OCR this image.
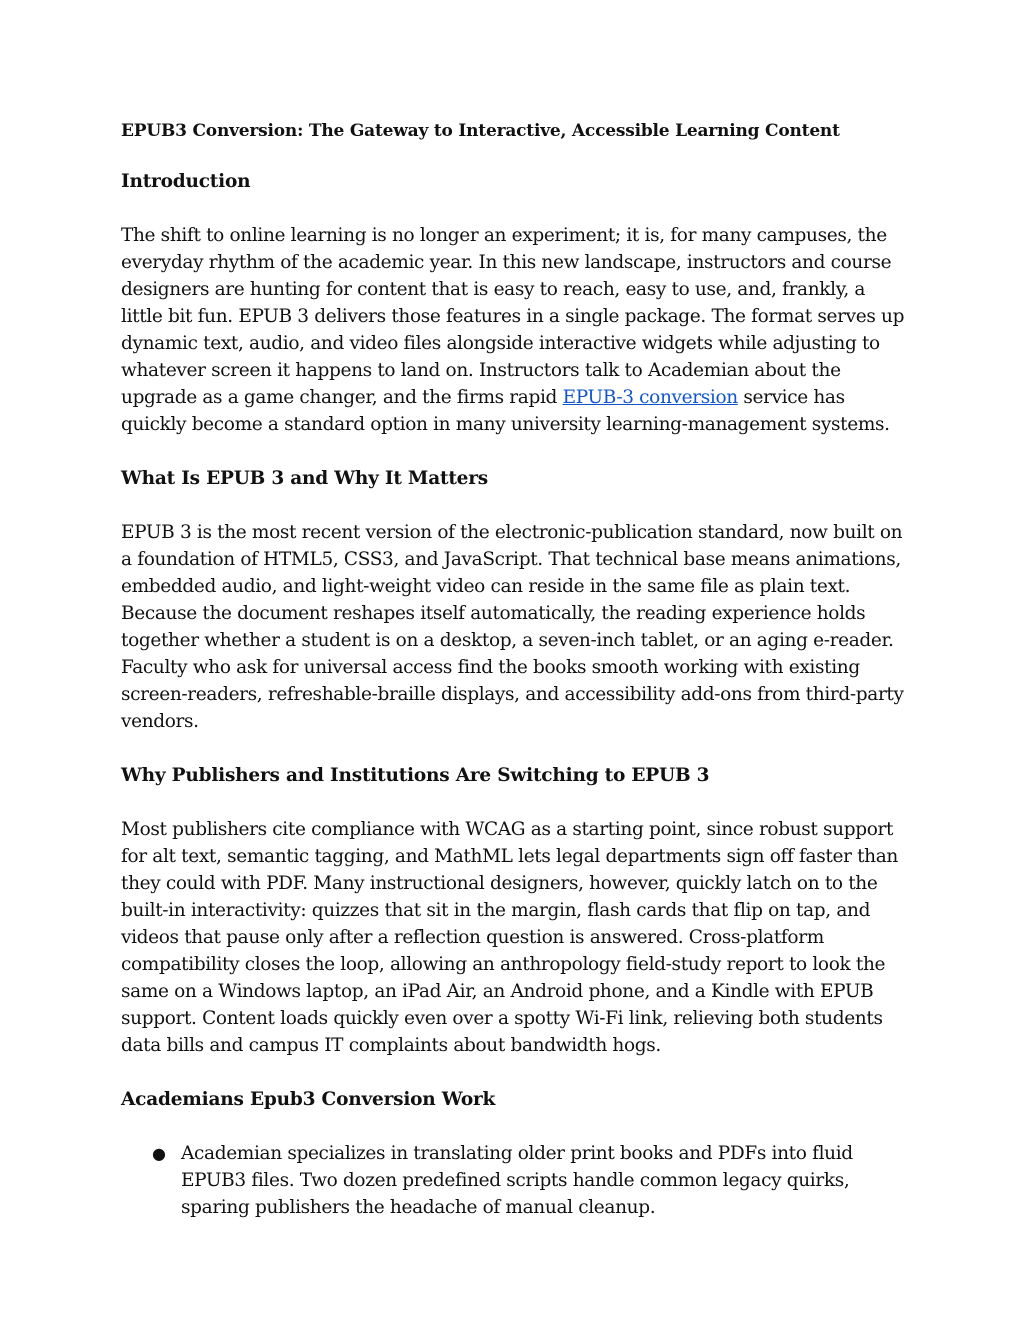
EPUB3 Conversion: The Gateway to Interactive, Accessible Learning Content
Introduction

The shift to online learning is no longer an experiment; it is, for many campuses, the everyday rhythm of the academic year. In this new landscape, instructors and course designers are hunting for content that is easy to reach, easy to use, and, frankly, a little bit fun. EPUB 3 delivers those features in a single package. The format serves up dynamic text, audio, and video files alongside interactive widgets while adjusting to whatever screen it happens to land on. Instructors talk to Academian about the upgrade as a game changer, and the firms rapid EPUB-3 conversion service has quickly become a standard option in many university learning-management systems.

What Is EPUB 3 and Why It Matters

EPUB 3 is the most recent version of the electronic-publication standard, now built on a foundation of HTML5, CSS3, and JavaScript. That technical base means animations, embedded audio, and light-weight video can reside in the same file as plain text. Because the document reshapes itself automatically, the reading experience holds together whether a student is on a desktop, a seven-inch tablet, or an aging e-reader. Faculty who ask for universal access find the books smooth working with existing screen-readers, refreshable-braille displays, and accessibility add-ons from third-party vendors.

Why Publishers and Institutions Are Switching to EPUB 3

Most publishers cite compliance with WCAG as a starting point, since robust support for alt text, semantic tagging, and MathML lets legal departments sign off faster than they could with PDF. Many instructional designers, however, quickly latch on to the built-in interactivity: quizzes that sit in the margin, flash cards that flip on tap, and videos that pause only after a reflection question is answered. Cross-platform compatibility closes the loop, allowing an anthropology field-study report to look the same on a Windows laptop, an iPad Air, an Android phone, and a Kindle with EPUB support. Content loads quickly even over a spotty Wi-Fi link, relieving both students data bills and campus IT complaints about bandwidth hogs.

Academians Epub3 Conversion Work
● Academian specializes in translating older print books and PDFs into fluid EPUB3 files. Two dozen predefined scripts handle common legacy quirks, sparing publishers the headache of manual cleanup.
